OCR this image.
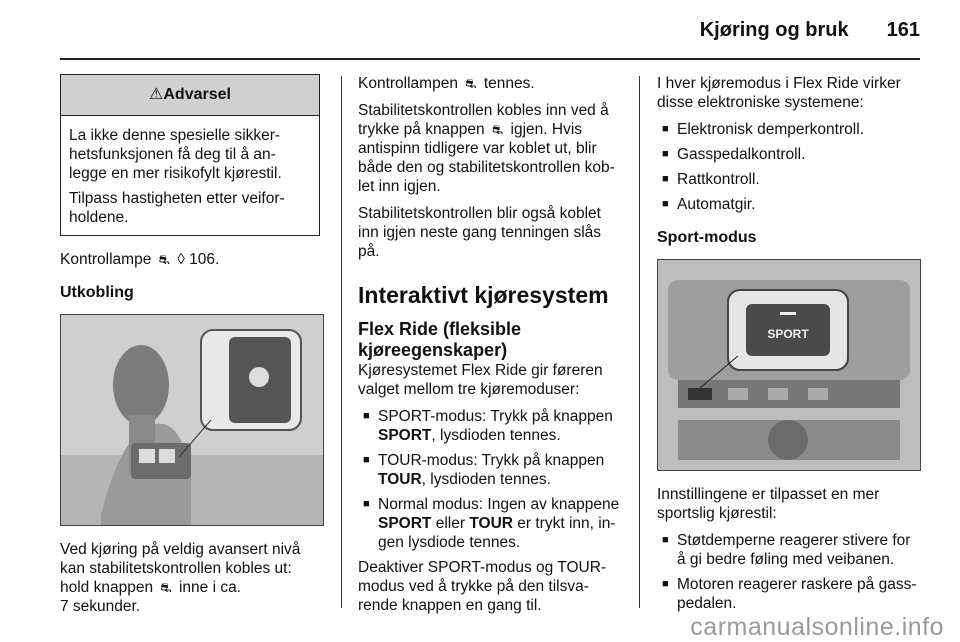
Kjøring og bruk 161
⚠Advarsel

La ikke denne spesielle sikker-hetsfunksjonen få deg til å an-legge en mer risikofylt kjørestil.

Tilpass hastigheten etter veifor-holdene.

Kontrollampe ⛐ ◊ 106.

Utkobling

Ved kjøring på veldig avansert nivå kan stabilitetskontrollen kobles ut: hold knappen ⛐ inne i ca.
7 sekunder.

Kontrollampen ⛐ tennes.

Stabilitetskontrollen kobles inn ved å trykke på knappen ⛐ igjen. Hvis antispinn tidligere var koblet ut, blir både den og stabilitetskontrollen kob-let inn igjen.

Stabilitetskontrollen blir også koblet inn igjen neste gang tenningen slås på.

Interaktivt kjøresystem
Flex Ride (fleksible kjøreegenskaper)

Kjøresystemet Flex Ride gir føreren valget mellom tre kjøremoduser:

■ SPORT-modus: Trykk på knappen SPORT, lysdioden tennes.
■ TOUR-modus: Trykk på knappen TOUR, lysdioden tennes.
■ Normal modus: Ingen av knappene SPORT eller TOUR er trykt inn, in-gen lysdiode tennes.

Deaktiver SPORT-modus og TOUR-modus ved å trykke på den tilsva-rende knappen en gang til.

I hver kjøremodus i Flex Ride virker disse elektroniske systemene:

■ Elektronisk demperkontroll.
■ Gasspedalkontroll.
■ Rattkontroll.
■ Automatgir.
Sport-modus
SPORT

Innstillingene er tilpasset en mer sportslig kjørestil:

■ Støtdemperne reagerer stivere for å gi bedre føling med veibanen.
■ Motoren reagerer raskere på gass-pedalen.
carmanualsonline.info
